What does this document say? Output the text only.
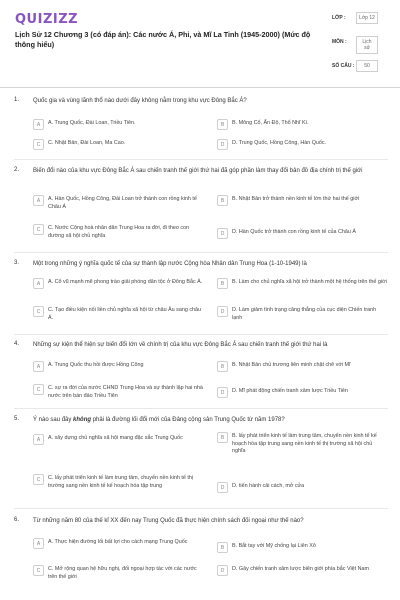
QUIZIZZ
Lịch Sử 12 Chương 3 (có đáp án): Các nước Á, Phi, và Mĩ La Tinh (1945-2000) (Mức độ thông hiểu)
LỚP :	Lớp 12
MÔN :	Lịch sử
SỐ CÂU :	50
1. Quốc gia và vùng lãnh thổ nào dưới đây không nằm trong khu vực Đông Bắc Á?
A	A. Trung Quốc, Đài Loan, Triều Tiên.	B	B. Mông Cổ, Ấn Độ, Thổ Nhĩ Kì.
C	C. Nhật Bản, Đài Loan, Ma Cao.	D	D. Trung Quốc, Hồng Công, Hàn Quốc.
2. Biến đổi nào của khu vực Đông Bắc Á sau chiến tranh thế giới thứ hai đã góp phần làm thay đổi bản đồ địa chính trị thế giới
A	A. Hàn Quốc, Hồng Công, Đài Loan trở thành con rồng kinh tế Châu Á
B	B. Nhật Bản trở thành nền kinh tế lớn thứ hai thế giới
C	C. Nước Cộng hoà nhân dân Trung Hoa ra đời, đi theo con đường xã hội chủ nghĩa	D	D. Hàn Quốc trở thành con rồng kinh tế của Châu Á
3. Một trong những ý nghĩa quốc tế của sự thành lập nước Cộng hòa Nhân dân Trung Hoa (1-10-1949) là
A	A. Cổ vũ mạnh mẽ phong trào giải phóng dân tộc ở Đông Bắc Á.	B	B. Làm cho chủ nghĩa xã hội trở thành một hệ thống trên thế giới
C	C. Tạo điều kiện nối liền chủ nghĩa xã hội từ châu Âu sang châu Á.
D	D. Làm giảm tình trạng căng thẳng của cục diện Chiến tranh lạnh
4. Những sự kiện thể hiện sự biến đổi lớn về chính trị của khu vực Đông Bắc Á sau chiến tranh thế giới thứ hai là
A	A. Trung Quốc thu hồi được Hồng Công	B	B. Nhật Bản chủ trương liên minh chặt chẽ với Mĩ
C	C. sự ra đời của nước CHND Trung Hoa và sự thành lập hai nhà nước trên bán đảo Triều Tiên	D	D. Mĩ phát động chiến tranh xâm lược Triều Tiên
5. Ý nào sau đây không phải là đường lối đổi mới của Đảng cộng sản Trung Quốc từ năm 1978?
A	A. xây dựng chủ nghĩa xã hội mang đặc sắc Trung Quốc	B	B. lấy phát triển kinh tế làm trung tâm, chuyển nền kinh tế kế hoạch hóa tập trung sang nền kinh tế thị trường xã hội chủ nghĩa
C	C. lấy phát triển kinh tế làm trung tâm, chuyển nền kinh tế thị trường sang nền kinh tế kế hoạch hóa tập trung	D	D. tiến hành cải cách, mở cửa
6. Từ những năm 80 của thế kỉ XX đến nay Trung Quốc đã thực hiện chính sách đối ngoại như thế nào?
A	A. Thực hiện đường lối bất lợi cho cách mạng Trung Quốc
B	B. Bắt tay với Mỹ chống lại Liên Xô
C	C. Mở rộng quan hệ hữu nghị, đối ngoại hợp tác với các nước trên thế giới
D	D. Gây chiến tranh xâm lược biên giới phía bắc Việt Nam
